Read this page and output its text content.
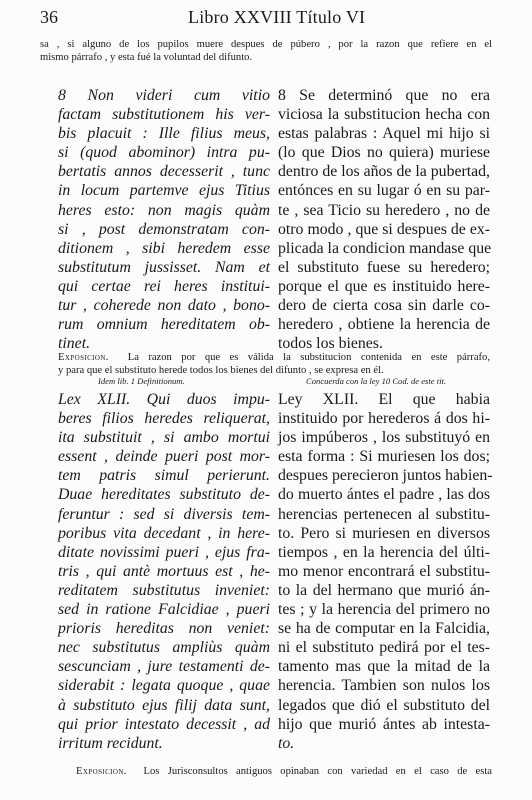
36	Libro XXVIII Título VI
sa , si alguno de los pupilos muere despues de púbero , por la razon que refiere en el
mismo párrafo , y esta fué la voluntad del difunto.
8 Non videri cum vitio
factam substitutionem his ver-
bis placuit : Ille filius meus,
si (quod abominor) intra pu-
bertatis annos decesserit , tunc
in locum partemve ejus Titius
heres esto: non magis quàm
si , post demonstratam con-
ditionem , sibi heredem esse
substitutum jussisset. Nam et
qui certae rei heres institui-
tur , coherede non dato , bono-
rum omnium hereditatem ob-
tinet.
8 Se determinó que no era
viciosa la substitucion hecha con
estas palabras : Aquel mi hijo si
(lo que Dios no quiera) muriese
dentro de los años de la pubertad,
entónces en su lugar ó en su par-
te , sea Ticio su heredero , no de
otro modo , que si despues de ex-
plicada la condicion mandase que
el substituto fuese su heredero;
porque el que es instituido here-
dero de cierta cosa sin darle co-
heredero , obtiene la herencia de
todos los bienes.
Exposicion. La razon por que es válida la substitucion contenida en este párrafo,
y para que el substituto herede todos los bienes del difunto , se expresa en él.
Idem lib. 1 Definitionum.	Concuerda con la ley 10 Cod. de este tit.
Lex XLII. Qui duos impu-
beres filios heredes reliquerat,
ita substituit , si ambo mortui
essent , deinde pueri post mor-
tem patris simul perierunt.
Duae hereditates substituto de-
feruntur : sed si diversis tem-
poribus vita decedant , in here-
ditate novissimi pueri , ejus fra-
tris , qui antè mortuus est , he-
reditatem substitutus inveniet:
sed in ratione Falcidiae , pueri
prioris hereditas non veniet:
nec substitutus ampliùs quàm
sescunciam , jure testamenti de-
siderabit : legata quoque , quae
à substituto ejus filij data sunt,
qui prior intestato decessit , ad
irritum recidunt.
Ley XLII. El que habia
instituido por herederos á dos hi-
jos impúberos , los substituyó en
esta forma : Si muriesen los dos;
despues perecieron juntos habien-
do muerto ántes el padre , las dos
herencias pertenecen al substitu-
to. Pero si muriesen en diversos
tiempos , en la herencia del últi-
mo menor encontrará el substitu-
to la del hermano que murió án-
tes ; y la herencia del primero no
se ha de computar en la Falcidia,
ni el substituto pedirá por el tes-
tamento mas que la mitad de la
herencia. Tambien son nulos los
legados que dió el substituto del
hijo que murió ántes ab intesta-
to.
Exposicion. Los Jurisconsultos antiguos opinaban con variedad en el caso de esta
